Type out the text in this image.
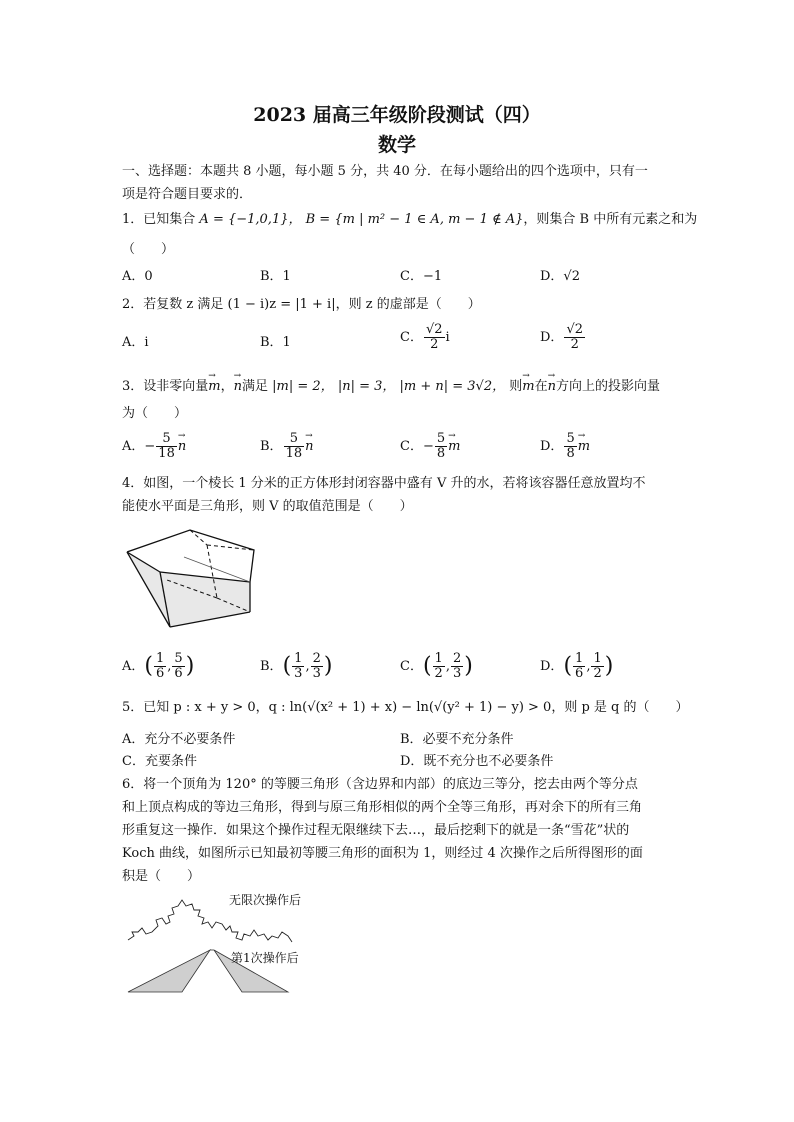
2023 届高三年级阶段测试（四）
数学
一、选择题：本题共 8 小题，每小题 5 分，共 40 分．在每小题给出的四个选项中，只有一
项是符合题目要求的．
1．已知集合 A = {−1,0,1}， B = {m | m² − 1 ∈ A, m − 1 ∉ A}，则集合 B 中所有元素之和为
（　　）
A．0	B．1	C．−1	D．√2
2．若复数 z 满足 (1 − i)z = |1 + i|，则 z 的虚部是（　　）
A．i	B．1	C． $\frac{√2}{2}$ i	D． $\frac{√2}{2}$
3．设非零向量→ m，→ n满足 |m| = 2， |n| = 3， |m + n| = 3√2， 则→ m在→ n方向上的投影向量
为（　　）
A．− $\frac{5}{18}$
→ n	B． $\frac{5}{18}$
→ n	C．− $\frac{5}{8}$
→ m	D． $\frac{5}{8}$
→ m
4．如图，一个棱长 1 分米的正方体形封闭容器中盛有 V 升的水，若将该容器任意放置均不
能使水平面是三角形，则 V 的取值范围是（　　）
A．( $\frac{1}{6}$ , $\frac{5}{6}$ )	B．( $\frac{1}{3}$ , $\frac{2}{3}$ )	C．( $\frac{1}{2}$ , $\frac{2}{3}$ )	D．( $\frac{1}{6}$ , $\frac{1}{2}$ )
5．已知 p : x + y > 0，q : ln(√(x² + 1) + x) − ln(√(y² + 1) − y) > 0，则 p 是 q 的（　　）
A．充分不必要条件	B．必要不充分条件
C．充要条件	D．既不充分也不必要条件
6．将一个顶角为 120° 的等腰三角形（含边界和内部）的底边三等分，挖去由两个等分点
和上顶点构成的等边三角形，得到与原三角形相似的两个全等三角形，再对余下的所有三角
形重复这一操作．如果这个操作过程无限继续下去…，最后挖剩下的就是一条“雪花”状的
Koch 曲线，如图所示已知最初等腰三角形的面积为 1，则经过 4 次操作之后所得图形的面
积是（　　）
无限次操作后
第1次操作后
